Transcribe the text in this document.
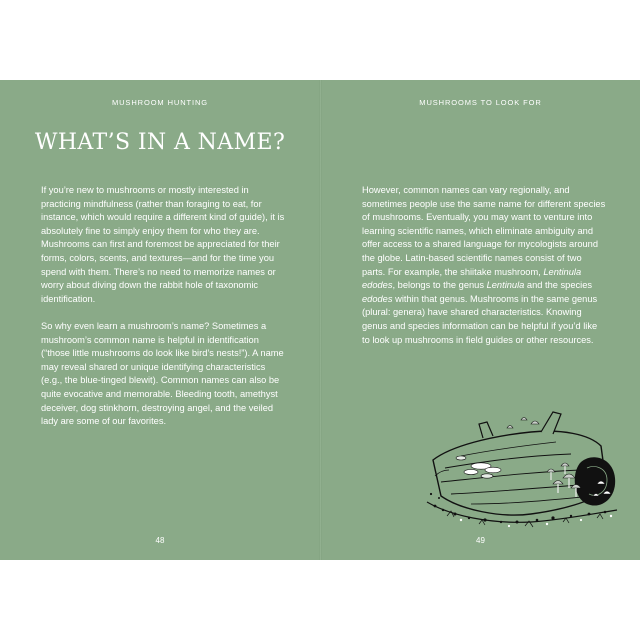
MUSHROOM HUNTING
WHAT’S IN A NAME?

If you’re new to mushrooms or mostly interested in practicing mindfulness (rather than foraging to eat, for instance, which would require a different kind of guide), it is absolutely fine to simply enjoy them for who they are. Mushrooms can first and foremost be appreciated for their forms, colors, scents, and textures—and for the time you spend with them. There’s no need to memorize names or worry about diving down the rabbit hole of taxonomic identification.

So why even learn a mushroom’s name? Sometimes a mushroom’s common name is helpful in identification (“those little mushrooms do look like bird’s nests!”). A name may reveal shared or unique identifying characteristics (e.g., the blue-tinged blewit). Common names can also be quite evocative and memorable. Bleeding tooth, amethyst deceiver, dog stinkhorn, destroying angel, and the veiled lady are some of our favorites.

48
MUSHROOMS TO LOOK FOR

However, common names can vary regionally, and sometimes people use the same name for different species of mushrooms. Eventually, you may want to venture into learning scientific names, which eliminate ambiguity and offer access to a shared language for mycologists around the globe. Latin-based scientific names consist of two parts. For example, the shiitake mushroom, Lentinula edodes, belongs to the genus Lentinula and the species edodes within that genus. Mushrooms in the same genus (plural: genera) have shared characteristics. Knowing genus and species information can be helpful if you’d like to look up mushrooms in field guides or other resources.

49
